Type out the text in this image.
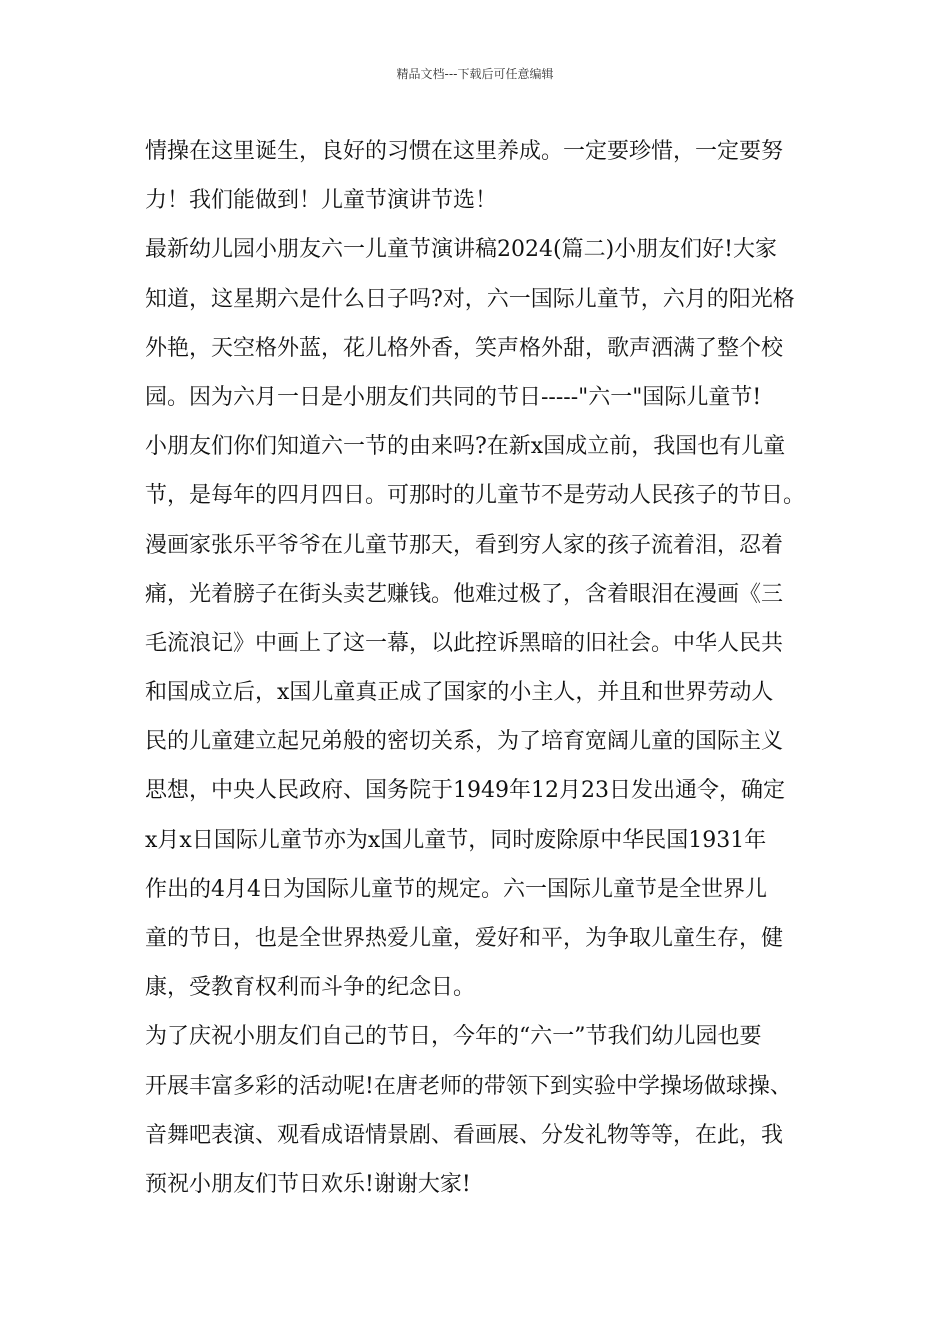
精品文档---下载后可任意编辑
情操在这里诞生，良好的习惯在这里养成。一定要珍惜，一定要努
力！我们能做到！儿童节演讲节选！
最新幼儿园小朋友六一儿童节演讲稿2024(篇二)小朋友们好!大家
知道，这星期六是什么日子吗?对，六一国际儿童节，六月的阳光格
外艳，天空格外蓝，花儿格外香，笑声格外甜，歌声洒满了整个校
园。因为六月一日是小朋友们共同的节日-----"六一"国际儿童节!
小朋友们你们知道六一节的由来吗?在新x国成立前，我国也有儿童
节，是每年的四月四日。可那时的儿童节不是劳动人民孩子的节日。
漫画家张乐平爷爷在儿童节那天，看到穷人家的孩子流着泪，忍着
痛，光着膀子在街头卖艺赚钱。他难过极了，含着眼泪在漫画《三
毛流浪记》中画上了这一幕，以此控诉黑暗的旧社会。中华人民共
和国成立后，x国儿童真正成了国家的小主人，并且和世界劳动人
民的儿童建立起兄弟般的密切关系，为了培育宽阔儿童的国际主义
思想，中央人民政府、国务院于1949年12月23日发出通令，确定
x月x日国际儿童节亦为x国儿童节，同时废除原中华民国1931年
作出的4月4日为国际儿童节的规定。六一国际儿童节是全世界儿
童的节日，也是全世界热爱儿童，爱好和平，为争取儿童生存，健
康，受教育权利而斗争的纪念日。
为了庆祝小朋友们自己的节日，今年的“六一”节我们幼儿园也要
开展丰富多彩的活动呢!在唐老师的带领下到实验中学操场做球操、
音舞吧表演、观看成语情景剧、看画展、分发礼物等等，在此，我
预祝小朋友们节日欢乐!谢谢大家!
